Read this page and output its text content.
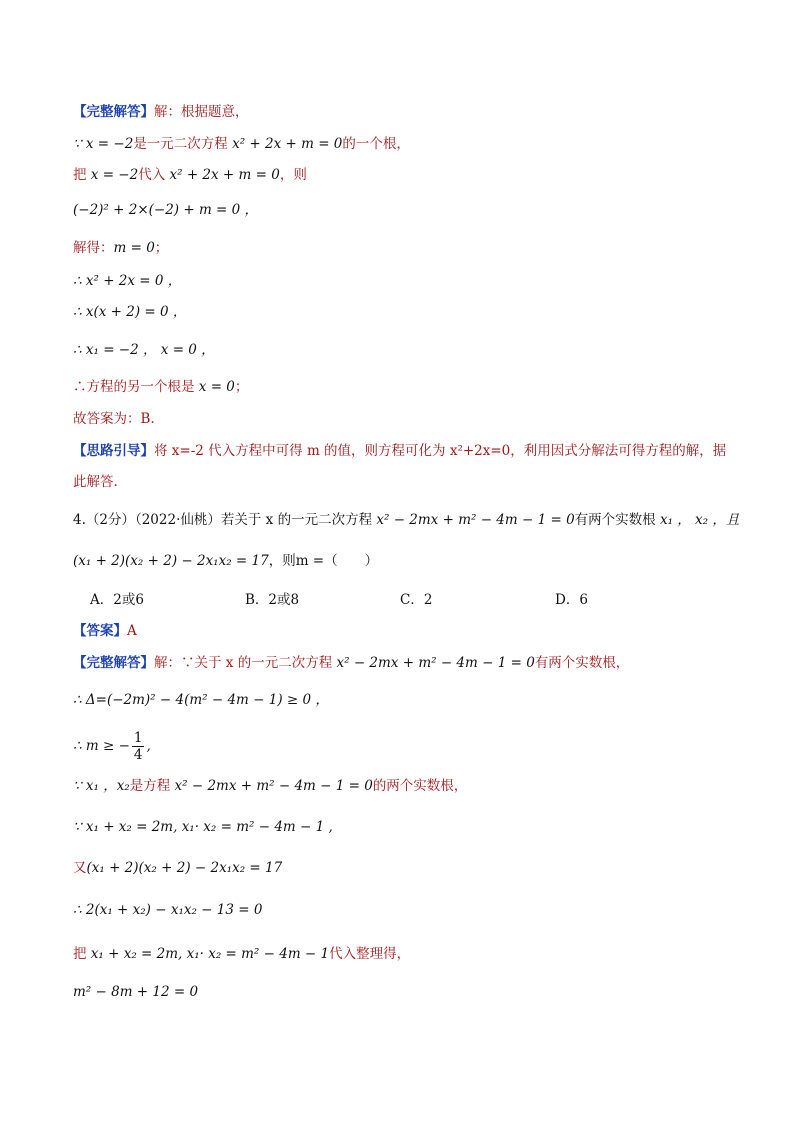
【完整解答】解：根据题意，
∵ x = −2是一元二次方程 x² + 2x + m = 0的一个根，
把 x = −2代入 x² + 2x + m = 0，则
(−2)² + 2×(−2) + m = 0 ，
解得：m = 0；
∴ x² + 2x = 0 ，
∴ x(x + 2) = 0 ，
∴ x₁ = −2 ， x = 0 ，
∴方程的另一个根是 x = 0；
故答案为：B.
【思路引导】将 x=-2 代入方程中可得 m 的值，则方程可化为 x²+2x=0，利用因式分解法可得方程的解，据
此解答.
4.（2分）（2022·仙桃）若关于 x 的一元二次方程 x² − 2mx + m² − 4m − 1 = 0有两个实数根 x₁ ， x₂ ，且
(x₁ + 2)(x₂ + 2) − 2x₁x₂ = 17，则m =（　　）
A．2或6	B．2或8	C．2	D．6
【答案】A
【完整解答】解：∵关于 x 的一元二次方程 x² − 2mx + m² − 4m − 1 = 0有两个实数根，
∴ Δ=(−2m)² − 4(m² − 4m − 1) ≥ 0 ，
∴ m ≥ − $\frac{1}{4}$ ,
∵ x₁ ，x₂是方程 x² − 2mx + m² − 4m − 1 = 0的两个实数根，
∵ x₁ + x₂ = 2m, x₁· x₂ = m² − 4m − 1 ,
又(x₁ + 2)(x₂ + 2) − 2x₁x₂ = 17
∴ 2(x₁ + x₂) − x₁x₂ − 13 = 0
把 x₁ + x₂ = 2m, x₁· x₂ = m² − 4m − 1代入整理得，
m² − 8m + 12 = 0
